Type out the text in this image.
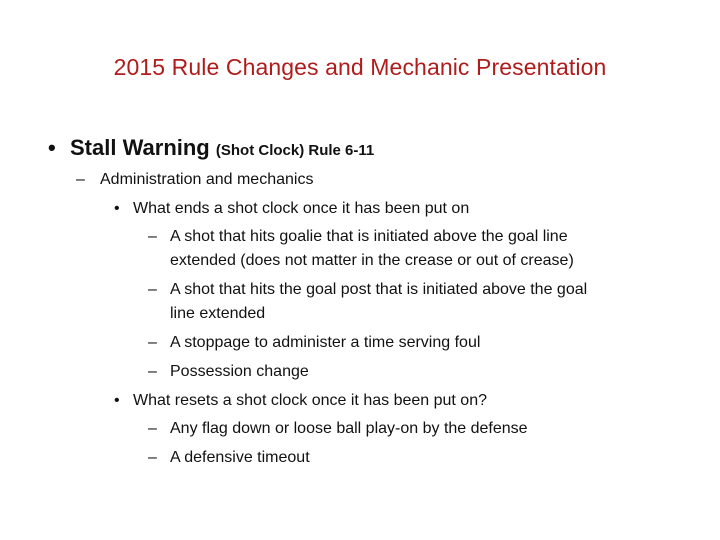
2015 Rule Changes and Mechanic Presentation
• Stall Warning (Shot Clock) Rule 6-11
– Administration and mechanics
• What ends a shot clock once it has been put on
– A shot that hits goalie that is initiated above the goal line
extended (does not matter in the crease or out of crease)
– A shot that hits the goal post that is initiated above the goal
line extended
– A stoppage to administer a time serving foul
– Possession change
• What resets a shot clock once it has been put on?
– Any flag down or loose ball play-on by the defense
– A defensive timeout
